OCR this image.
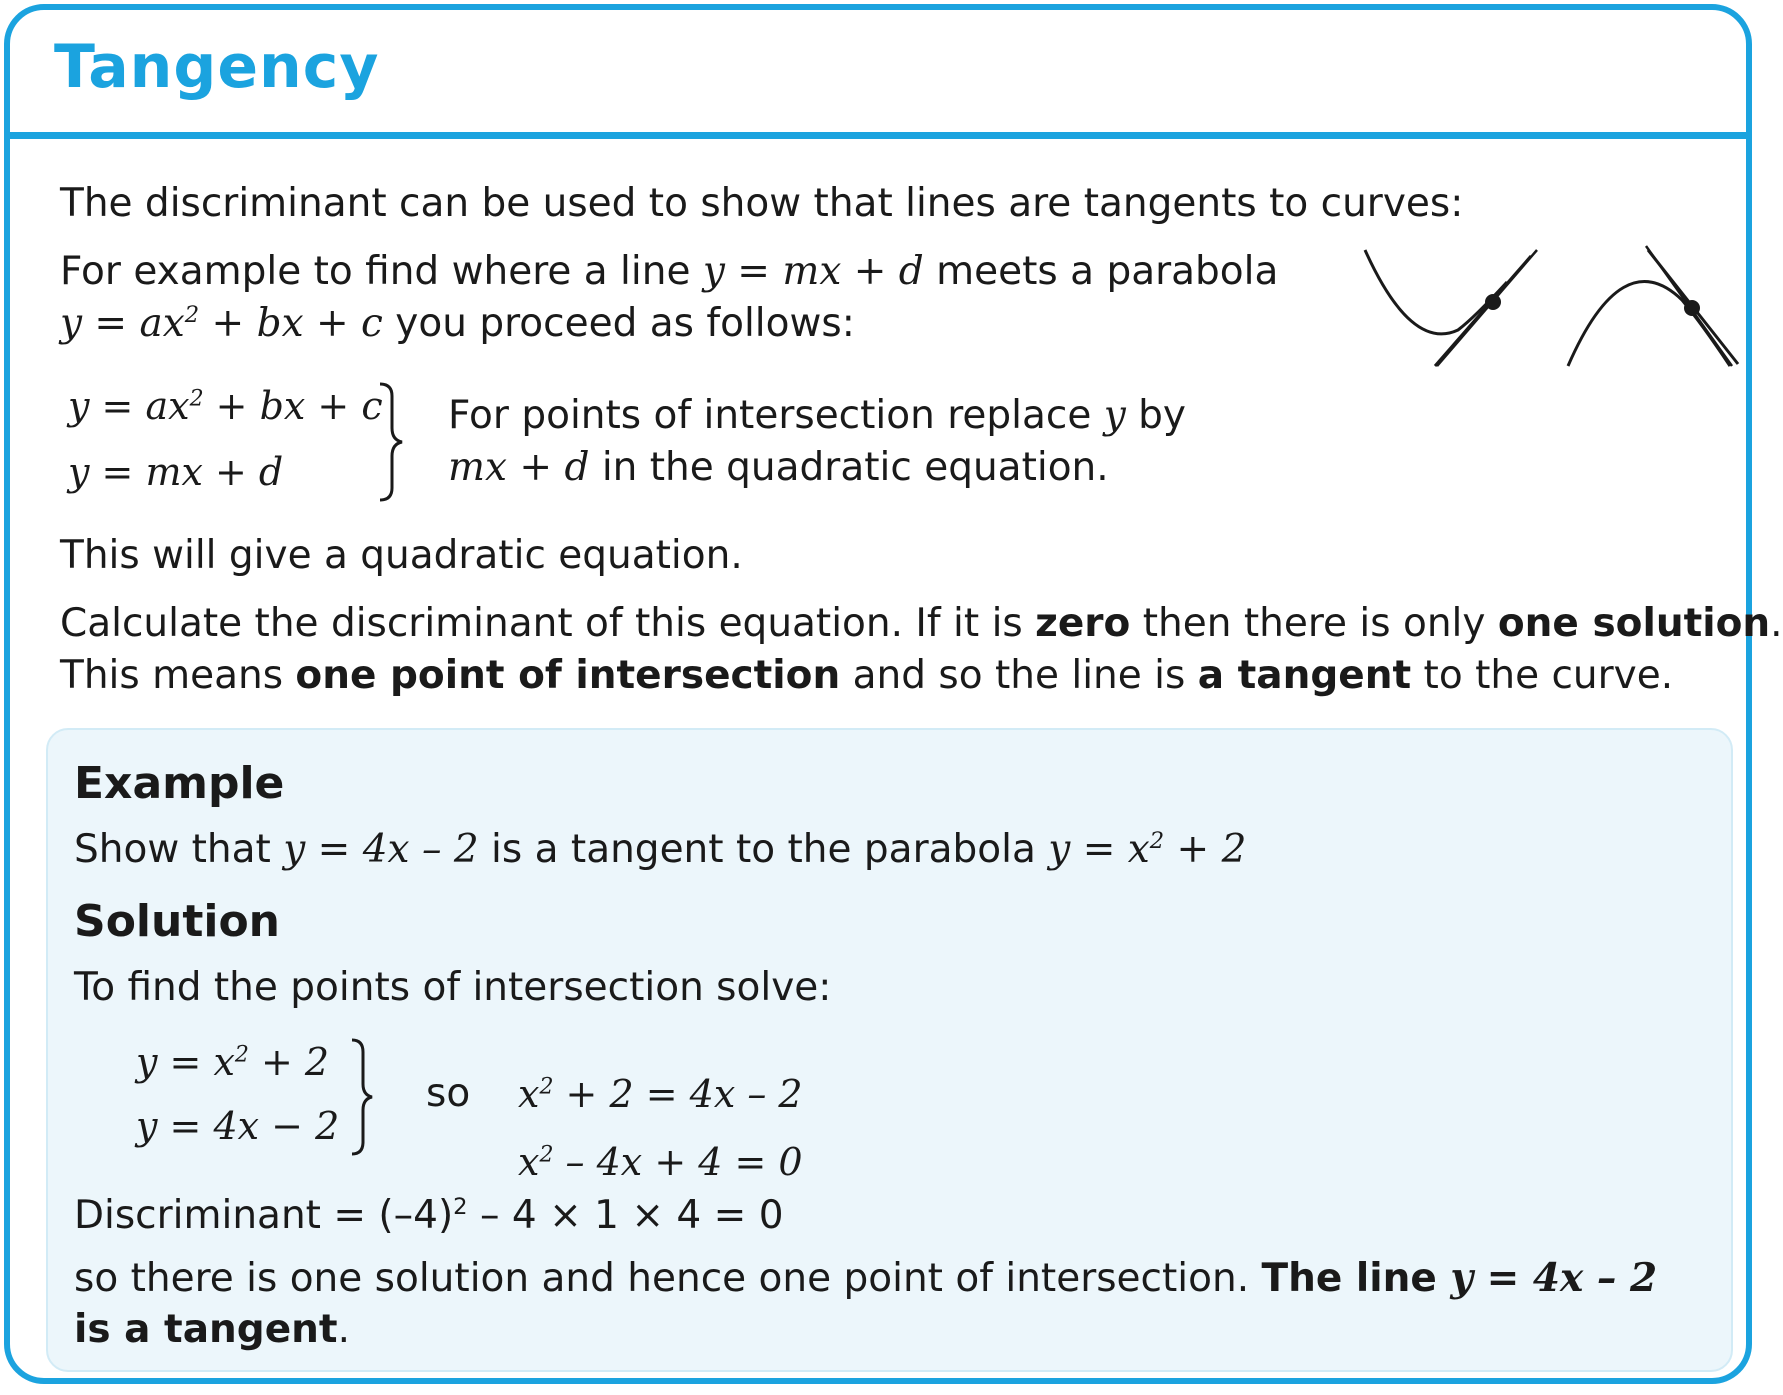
Tangency

The discriminant can be used to show that lines are tangents to curves:

For example to find where a line y = mx + d meets a parabola

$y = ax^2$ + bx + c you proceed as follows:

$y = ax^2$ + bx + c
y = mx + d

For points of intersection replace y by

mx + d in the quadratic equation.

This will give a quadratic equation.

Calculate the discriminant of this equation. If it is zero then there is only one solution.

This means one point of intersection and so the line is a tangent to the curve.

Example

Show that y = 4x – 2 is a tangent to the parabola $y = x^2 + 2$

Solution

To find the points of intersection solve:

$y = x^2 + 2$
y = 4x − 2

so $x^2 + 2 = 4x - 2$
$x^2 - 4x + 4 = 0$

Discriminant = $(-4)^2 - 4 \times 1 \times 4 = 0$

so there is one solution and hence one point of intersection. The line y = 4x – 2

is a tangent.
